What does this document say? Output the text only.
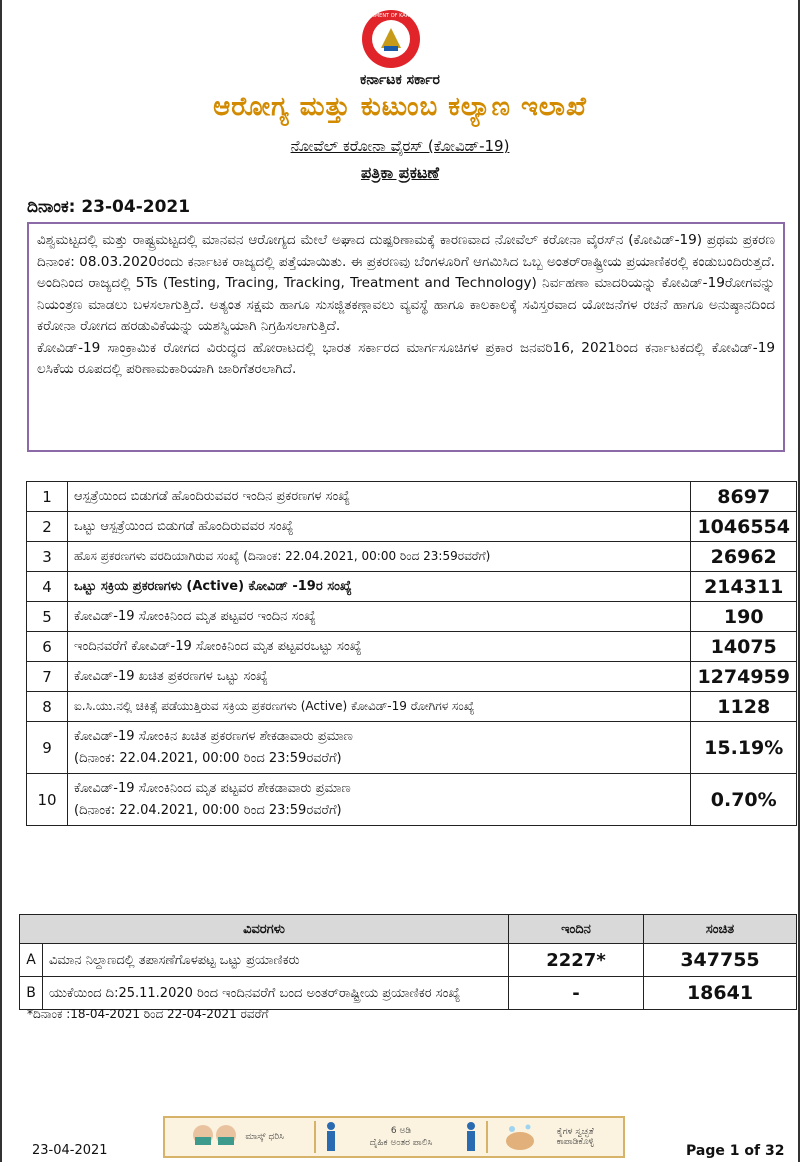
GOVERNMENT OF KARNATAKA
ಕರ್ನಾಟಕ ಸರ್ಕಾರ
ಆರೋಗ್ಯ ಮತ್ತು ಕುಟುಂಬ ಕಲ್ಯಾಣ ಇಲಾಖೆ
ನೋವೆಲ್ ಕರೋನಾ ವೈರಸ್ (ಕೋವಿಡ್-19)
ಪತ್ರಿಕಾ ಪ್ರಕಟಣೆ
ದಿನಾಂಕ: 23-04-2021

ವಿಶ್ವಮಟ್ಟದಲ್ಲಿ ಮತ್ತು ರಾಷ್ಟ್ರಮಟ್ಟದಲ್ಲಿ ಮಾನವನ ಆರೋಗ್ಯದ ಮೇಲೆ ಅಘಾದ ದುಷ್ಪರಿಣಾಮಕ್ಕೆ ಕಾರಣವಾದ ನೋವೆಲ್ ಕರೋನಾ ವೈರಸ್‌ನ (ಕೋವಿಡ್-19) ಪ್ರಥಮ ಪ್ರಕರಣ ದಿನಾಂಕ: 08.03.2020ರಂದು ಕರ್ನಾಟಕ ರಾಜ್ಯದಲ್ಲಿ ಪತ್ತೆಯಾಯಿತು. ಈ ಪ್ರಕರಣವು ಬೆಂಗಳೂರಿಗೆ ಆಗಮಿಸಿದ ಒಬ್ಬ ಅಂತರ್‌ರಾಷ್ಟ್ರೀಯ ಪ್ರಯಾಣಿಕರಲ್ಲಿ ಕಂಡುಬಂದಿರುತ್ತದೆ. ಅಂದಿನಿಂದ ರಾಜ್ಯದಲ್ಲಿ 5Ts (Testing, Tracing, Tracking, Treatment and Technology) ನಿರ್ವಹಣಾ ಮಾದರಿಯನ್ನು ಕೋವಿಡ್-19ರೋಗವನ್ನು ನಿಯಂತ್ರಣ ಮಾಡಲು ಬಳಸಲಾಗುತ್ತಿದೆ. ಅತ್ಯಂತ ಸಕ್ಷಮ ಹಾಗೂ ಸುಸಜ್ಜಿತಕಣ್ಗಾವಲು ವ್ಯವಸ್ಥೆ ಹಾಗೂ ಕಾಲಕಾಲಕ್ಕೆ ಸವಿಸ್ತರವಾದ ಯೋಜನೆಗಳ ರಚನೆ ಹಾಗೂ ಅನುಷ್ಠಾನದಿಂದ ಕರೋನಾ ರೋಗದ ಹರಡುವಿಕೆಯನ್ನು ಯಶಸ್ವಿಯಾಗಿ ನಿಗ್ರಹಿಸಲಾಗುತ್ತಿದೆ.

ಕೋವಿಡ್-19 ಸಾಂಕ್ರಾಮಿಕ ರೋಗದ ವಿರುದ್ಧದ ಹೋರಾಟದಲ್ಲಿ ಭಾರತ ಸರ್ಕಾರದ ಮಾರ್ಗಸೂಚಿಗಳ ಪ್ರಕಾರ ಜನವರಿ16, 2021ರಿಂದ ಕರ್ನಾಟಕದಲ್ಲಿ ಕೋವಿಡ್-19 ಲಸಿಕೆಯ ರೂಪದಲ್ಲಿ ಪರಿಣಾಮಕಾರಿಯಾಗಿ ಜಾರಿಗೆತರಲಾಗಿದೆ.

1	ಆಸ್ಪತ್ರೆಯಿಂದ ಬಿಡುಗಡೆ ಹೊಂದಿರುವವರ ಇಂದಿನ ಪ್ರಕರಣಗಳ ಸಂಖ್ಯೆ	8697
2	ಒಟ್ಟು ಆಸ್ಪತ್ರೆಯಿಂದ ಬಿಡುಗಡೆ ಹೊಂದಿರುವವರ ಸಂಖ್ಯೆ	1046554
3	ಹೊಸ ಪ್ರಕರಣಗಳು ವರದಿಯಾಗಿರುವ ಸಂಖ್ಯೆ (ದಿನಾಂಕ: 22.04.2021, 00:00 ರಿಂದ 23:59ರವರೆಗೆ)	26962
4	ಒಟ್ಟು ಸಕ್ರಿಯ ಪ್ರಕರಣಗಳು (Active) ಕೋವಿಡ್ -19ರ ಸಂಖ್ಯೆ	214311
5	ಕೋವಿಡ್-19 ಸೋಂಕಿನಿಂದ ಮೃತ ಪಟ್ಟವರ ಇಂದಿನ ಸಂಖ್ಯೆ	190
6	ಇಂದಿನವರೆಗೆ ಕೋವಿಡ್-19 ಸೋಂಕಿನಿಂದ ಮೃತ ಪಟ್ಟವರಒಟ್ಟು ಸಂಖ್ಯೆ	14075
7	ಕೋವಿಡ್-19 ಖಚಿತ ಪ್ರಕರಣಗಳ ಒಟ್ಟು ಸಂಖ್ಯೆ	1274959
8	ಐ.ಸಿ.ಯು.ನಲ್ಲಿ ಚಿಕಿತ್ಸೆ ಪಡೆಯುತ್ತಿರುವ ಸಕ್ರಿಯ ಪ್ರಕರಣಗಳು (Active) ಕೋವಿಡ್-19 ರೋಗಿಗಳ ಸಂಖ್ಯೆ	1128
9	ಕೋವಿಡ್-19 ಸೋಂಕಿನ ಖಚಿತ ಪ್ರಕರಣಗಳ ಶೇಕಡಾವಾರು ಪ್ರಮಾಣ
(ದಿನಾಂಕ: 22.04.2021, 00:00 ರಿಂದ 23:59ರವರೆಗೆ)	15.19%
10	ಕೋವಿಡ್-19 ಸೋಂಕಿನಿಂದ ಮೃತ ಪಟ್ಟವರ ಶೇಕಡಾವಾರು ಪ್ರಮಾಣ
(ದಿನಾಂಕ: 22.04.2021, 00:00 ರಿಂದ 23:59ರವರೆಗೆ)	0.70%
ವಿವರಗಳು		ಇಂದಿನ	ಸಂಚಿತ
A	ವಿಮಾನ ನಿಲ್ದಾಣದಲ್ಲಿ ತಪಾಸಣೆಗೊಳಪಟ್ಟ ಒಟ್ಟು ಪ್ರಯಾಣಿಕರು	2227*	347755
B	ಯುಕೆಯಿಂದ ದಿ:25.11.2020 ರಿಂದ ಇಂದಿನವರೆಗೆ ಬಂದ ಅಂತರ್‌ರಾಷ್ಟ್ರೀಯ ಪ್ರಯಾಣಿಕರ ಸಂಖ್ಯೆ	-	18641
*ದಿನಾಂಕ :18-04-2021 ರಿಂದ 22-04-2021 ರವರೆಗೆ
23-04-2021
ಮಾಸ್ಕ್ ಧರಿಸಿ
6 ಅಡಿ
ದೈಹಿಕ ಅಂತರ ಪಾಲಿಸಿ
ಕೈಗಳ ಸ್ವಚ್ಛತೆ ಕಾಪಾಡಿಕೊಳ್ಳಿ
Page 1 of 32
